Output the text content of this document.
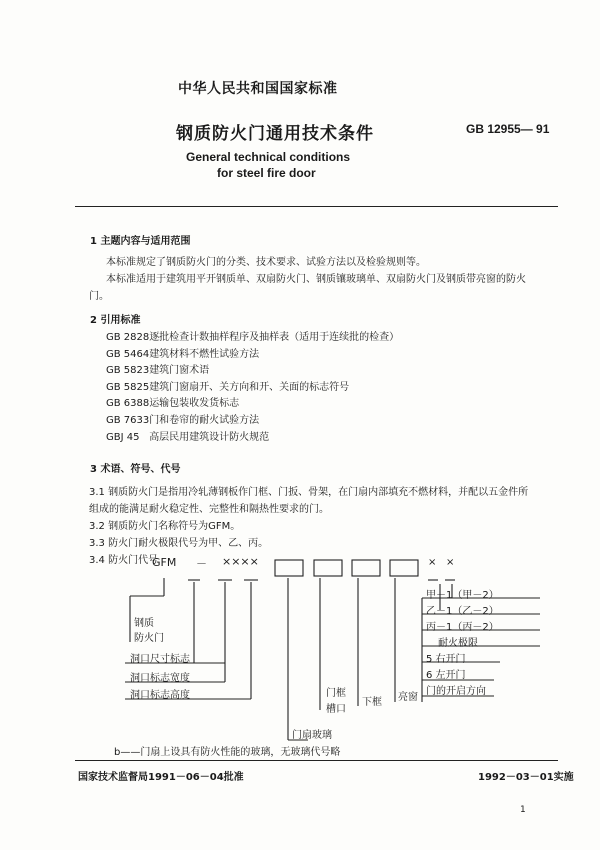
中华人民共和国国家标准
钢质防火门通用技术条件	GB 12955— 91
General technical conditions
for steel fire door
1 主题内容与适用范围
本标准规定了钢质防火门的分类、技术要求、试验方法以及检验规则等。
本标准适用于建筑用平开钢质单、双扇防火门、钢质镶玻璃单、双扇防火门及钢质带亮窗的防火
门。
2 引用标准
GB 2828 逐批检查计数抽样程序及抽样表（适用于连续批的检查）
GB 5464 建筑材料不燃性试验方法
GB 5823 建筑门窗术语
GB 5825 建筑门窗扇开、关方向和开、关面的标志符号
GB 6388 运输包装收发货标志
GB 7633 门和卷帘的耐火试验方法
GBJ 45 高层民用建筑设计防火规范
3 术语、符号、代号
3.1 钢质防火门是指用冷轧薄钢板作门框、门扳、骨架，在门扇内部填充不燃材料，并配以五金件所
组成的能满足耐火稳定性、完整性和隔热性要求的门。
3.2 钢质防火门名称符号为GFM。
3.3 防火门耐火极限代号为甲、乙、丙。
3.4 防火门代号
GFM － ××××	× ×
钢质
防火门
洞口尺寸标志
洞口标志宽度
洞口标志高度	门框
槽口
门扇玻璃
下框 亮窗
甲－1（甲－2）
乙－1（乙－2）
丙－1（丙－2）
耐火极限
5 右开门
6 左开门
门的开启方向
b——门扇上设具有防火性能的玻璃，无玻璃代号略
国家技术监督局1991－06－04批准	1992－03－01实施
1
